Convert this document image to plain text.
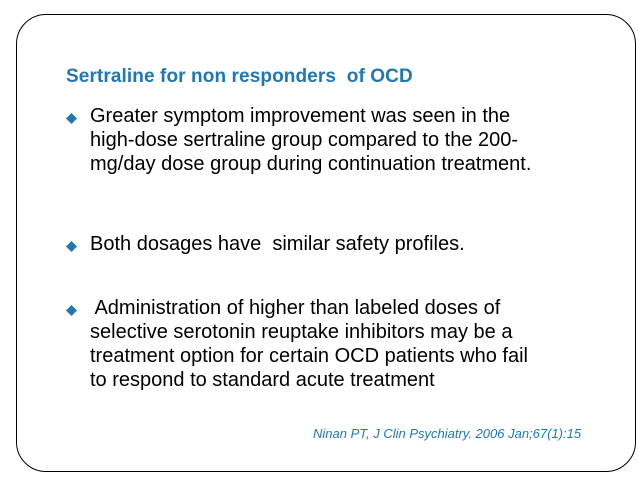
Sertraline for non responders  of OCD
Greater symptom improvement was seen in the
high-dose sertraline group compared to the 200-
mg/day dose group during continuation treatment.
Both dosages have  similar safety profiles.
Administration of higher than labeled doses of
selective serotonin reuptake inhibitors may be a
treatment option for certain OCD patients who fail
to respond to standard acute treatment
Ninan PT, J Clin Psychiatry. 2006 Jan;67(1):15
